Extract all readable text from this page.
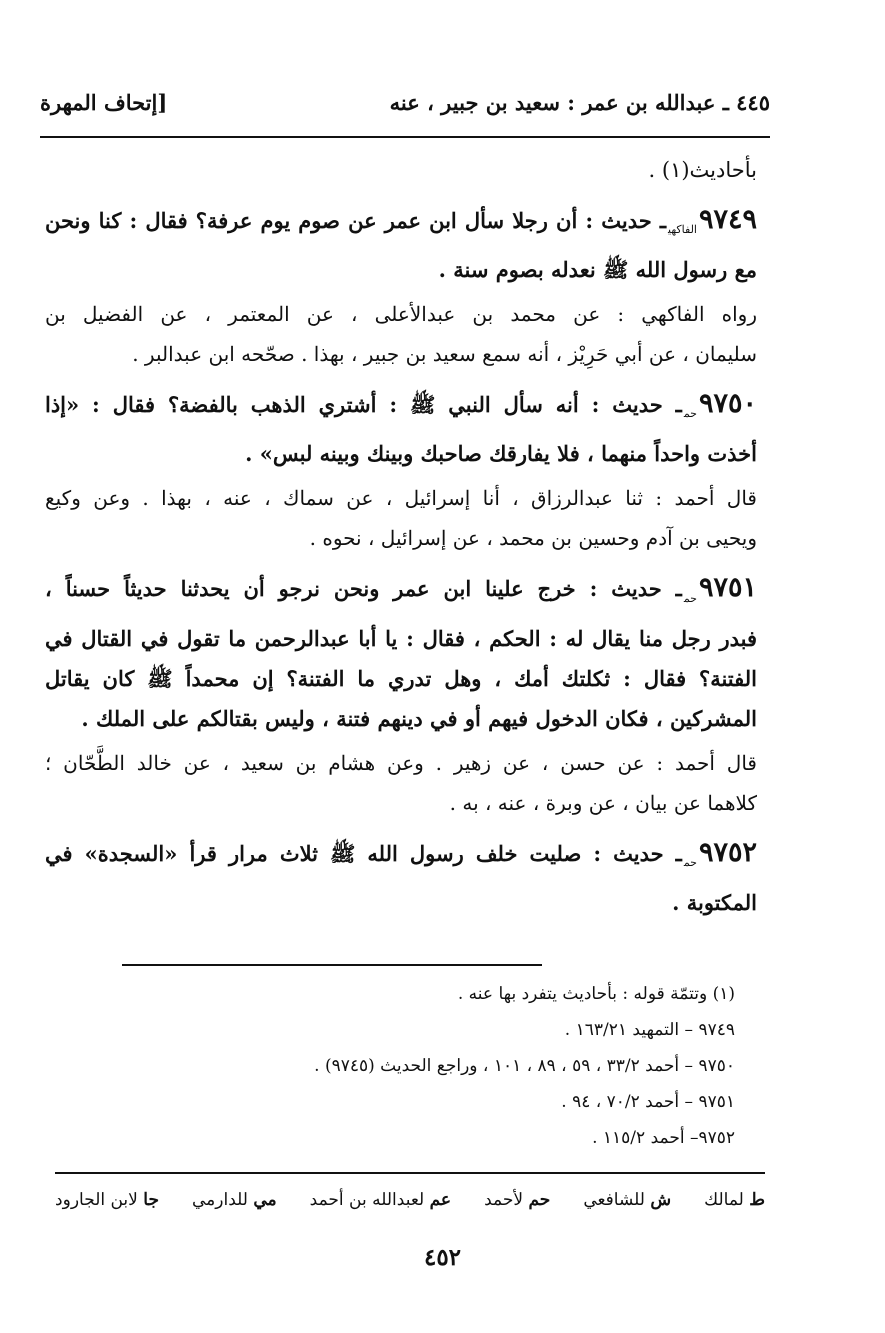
٤٤٥ ـ عبدالله بن عمر : سعيد بن جبير ، عنه
[إتحاف المهرة
بأحاديث(١) .
$٩٧٤٩_{الفاكهي}ـ$ حديث : أن رجلا سأل ابن عمر عن صوم يوم عرفة؟ فقال : كنا ونحن
مع رسول الله ﷺ نعدله بصوم سنة .
رواه الفاكهي : عن محمد بن عبدالأعلى ، عن المعتمر ، عن الفضيل بن
سليمان ، عن أبي حَرِيْز ، أنه سمع سعيد بن جبير ، بهذا . صحّحه ابن عبدالبر .
$٩٧٥٠_{حم}ـ$ حديث : أنه سأل النبي ﷺ : أشتري الذهب بالفضة؟ فقال : «إذا
أخذت واحداً منهما ، فلا يفارقك صاحبك وبينك وبينه لبس» .
قال أحمد : ثنا عبدالرزاق ، أنا إسرائيل ، عن سماك ، عنه ، بهذا . وعن وكيع
ويحيى بن آدم وحسين بن محمد ، عن إسرائيل ، نحوه .
$٩٧٥١_{حم}ـ$ حديث : خرج علينا ابن عمر ونحن نرجو أن يحدثنا حديثاً حسناً ،
فبدر رجل منا يقال له : الحكم ، فقال : يا أبا عبدالرحمن ما تقول في القتال في
الفتنة؟ فقال : ثكلتك أمك ، وهل تدري ما الفتنة؟ إن محمداً ﷺ كان يقاتل
المشركين ، فكان الدخول فيهم أو في دينهم فتنة ، وليس بقتالكم على الملك .
قال أحمد : عن حسن ، عن زهير . وعن هشام بن سعيد ، عن خالد الطَّحّان ؛
كلاهما عن بيان ، عن وبرة ، عنه ، به .
$٩٧٥٢_{حم}ـ$ حديث : صليت خلف رسول الله ﷺ ثلاث مرار قرأ «السجدة» في
المكتوبة .
(١) وتتمّة قوله : بأحاديث يتفرد بها عنه .
٩٧٤٩ – التمهيد ١٦٣/٢١ .
٩٧٥٠ – أحمد ٣٣/٢ ، ٥٩ ، ٨٩ ، ١٠١ ، وراجع الحديث (٩٧٤٥) .
٩٧٥١ – أحمد ٧٠/٢ ، ٩٤ .
٩٧٥٢– أحمد ١١٥/٢ .
ط لمالك
ش للشافعي
حم لأحمد
عم لعبدالله بن أحمد
مي للدارمي
جا لابن الجارود
٤٥٢
